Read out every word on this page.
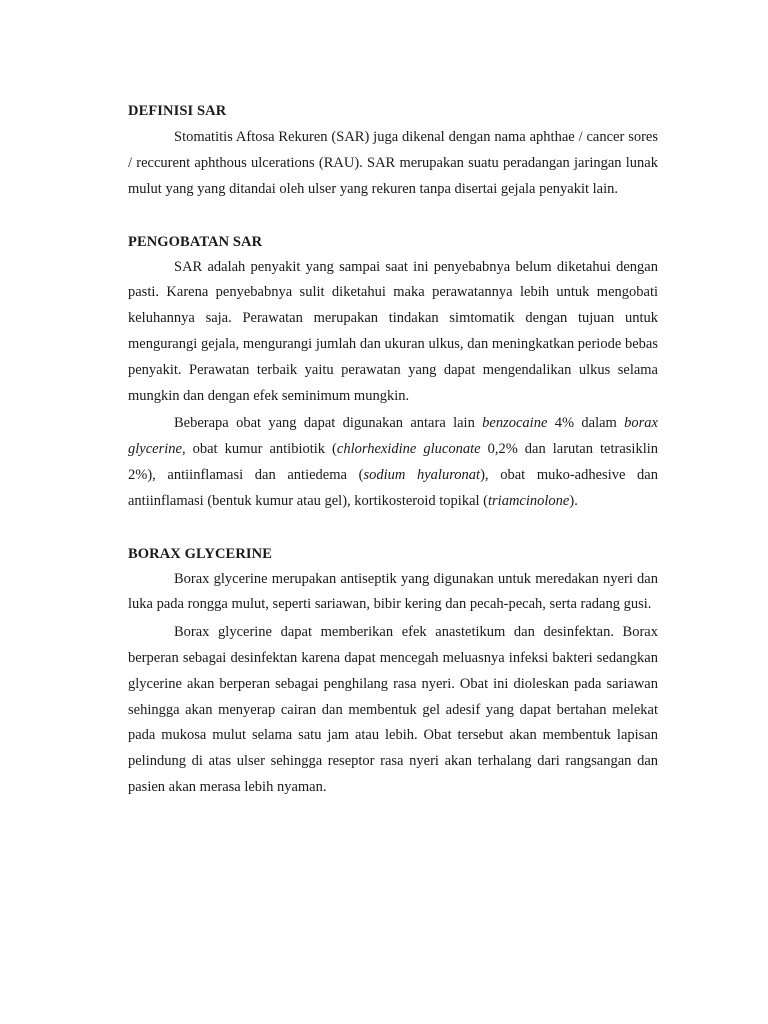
DEFINISI SAR

Stomatitis Aftosa Rekuren (SAR) juga dikenal dengan nama aphthae / cancer sores / reccurent aphthous ulcerations (RAU). SAR merupakan suatu peradangan jaringan lunak mulut yang yang ditandai oleh ulser yang rekuren tanpa disertai gejala penyakit lain.

PENGOBATAN SAR

SAR adalah penyakit yang sampai saat ini penyebabnya belum diketahui dengan pasti. Karena penyebabnya sulit diketahui maka perawatannya lebih untuk mengobati keluhannya saja. Perawatan merupakan tindakan simtomatik dengan tujuan untuk mengurangi gejala, mengurangi jumlah dan ukuran ulkus, dan meningkatkan periode bebas penyakit. Perawatan terbaik yaitu perawatan yang dapat mengendalikan ulkus selama mungkin dan dengan efek seminimum mungkin.

Beberapa obat yang dapat digunakan antara lain benzocaine 4% dalam borax glycerine, obat kumur antibiotik (chlorhexidine gluconate 0,2% dan larutan tetrasiklin 2%), antiinflamasi dan antiedema (sodium hyaluronat), obat muko-adhesive dan antiinflamasi (bentuk kumur atau gel), kortikosteroid topikal (triamcinolone).

BORAX GLYCERINE

Borax glycerine merupakan antiseptik yang digunakan untuk meredakan nyeri dan luka pada rongga mulut, seperti sariawan, bibir kering dan pecah-pecah, serta radang gusi.

Borax glycerine dapat memberikan efek anastetikum dan desinfektan. Borax berperan sebagai desinfektan karena dapat mencegah meluasnya infeksi bakteri sedangkan glycerine akan berperan sebagai penghilang rasa nyeri. Obat ini dioleskan pada sariawan sehingga akan menyerap cairan dan membentuk gel adesif yang dapat bertahan melekat pada mukosa mulut selama satu jam atau lebih. Obat tersebut akan membentuk lapisan pelindung di atas ulser sehingga reseptor rasa nyeri akan terhalang dari rangsangan dan pasien akan merasa lebih nyaman.
